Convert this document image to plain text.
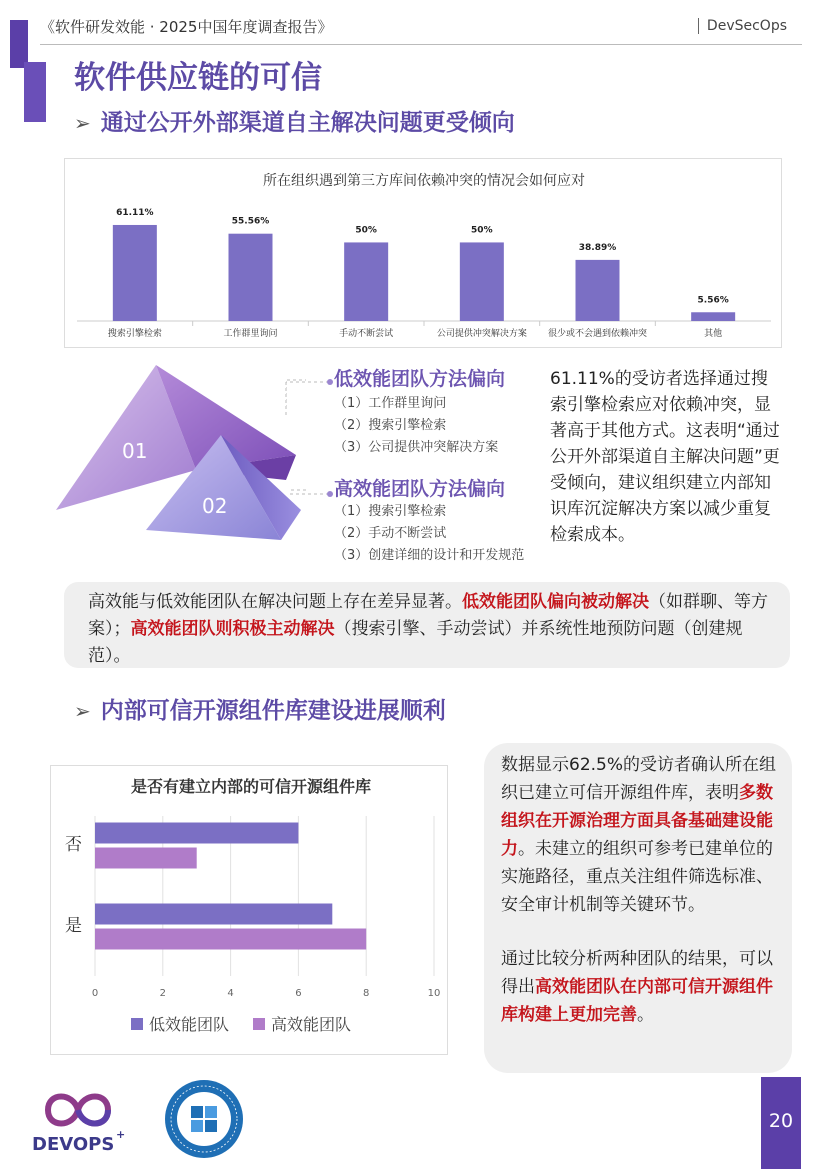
《软件研发效能 · 2025中国年度调查报告》	DevSecOps
软件供应链的可信
➢ 通过公开外部渠道自主解决问题更受倾向
所在组织遇到第三方库间依赖冲突的情况会如何应对
61.11%
搜索引擎检索
55.56%
工作群里询问
50%
手动不断尝试
50%
公司提供冲突解决方案
38.89%
很少或不会遇到依赖冲突
5.56%
其他
01
02
低效能团队方法偏向
（1）工作群里询问
（2）搜索引擎检索
（3）公司提供冲突解决方案
高效能团队方法偏向
（1）搜索引擎检索
（2）手动不断尝试
（3）创建详细的设计和开发规范
61.11%的受访者选择通过搜索引擎检索应对依赖冲突，显著高于其他方式。这表明“通过公开外部渠道自主解决问题”更受倾向，建议组织建立内部知识库沉淀解决方案以减少重复检索成本。
高效能与低效能团队在解决问题上存在差异显著。低效能团队偏向被动解决（如群聊、等方案）；高效能团队则积极主动解决（搜索引擎、手动尝试）并系统性地预防问题（创建规范）。
➢ 内部可信开源组件库建设进展顺利
是否有建立内部的可信开源组件库
0	2	4	6	8	10
否
是
低效能团队	高效能团队

数据显示62.5%的受访者确认所在组织已建立可信开源组件库，表明多数组织在开源治理方面具备基础建设能力。未建立的组织可参考已建单位的实施路径，重点关注组件筛选标准、安全审计机制等关键环节。

通过比较分析两种团队的结果，可以得出高效能团队在内部可信开源组件库构建上更加完善。

DEVOPS +
20
